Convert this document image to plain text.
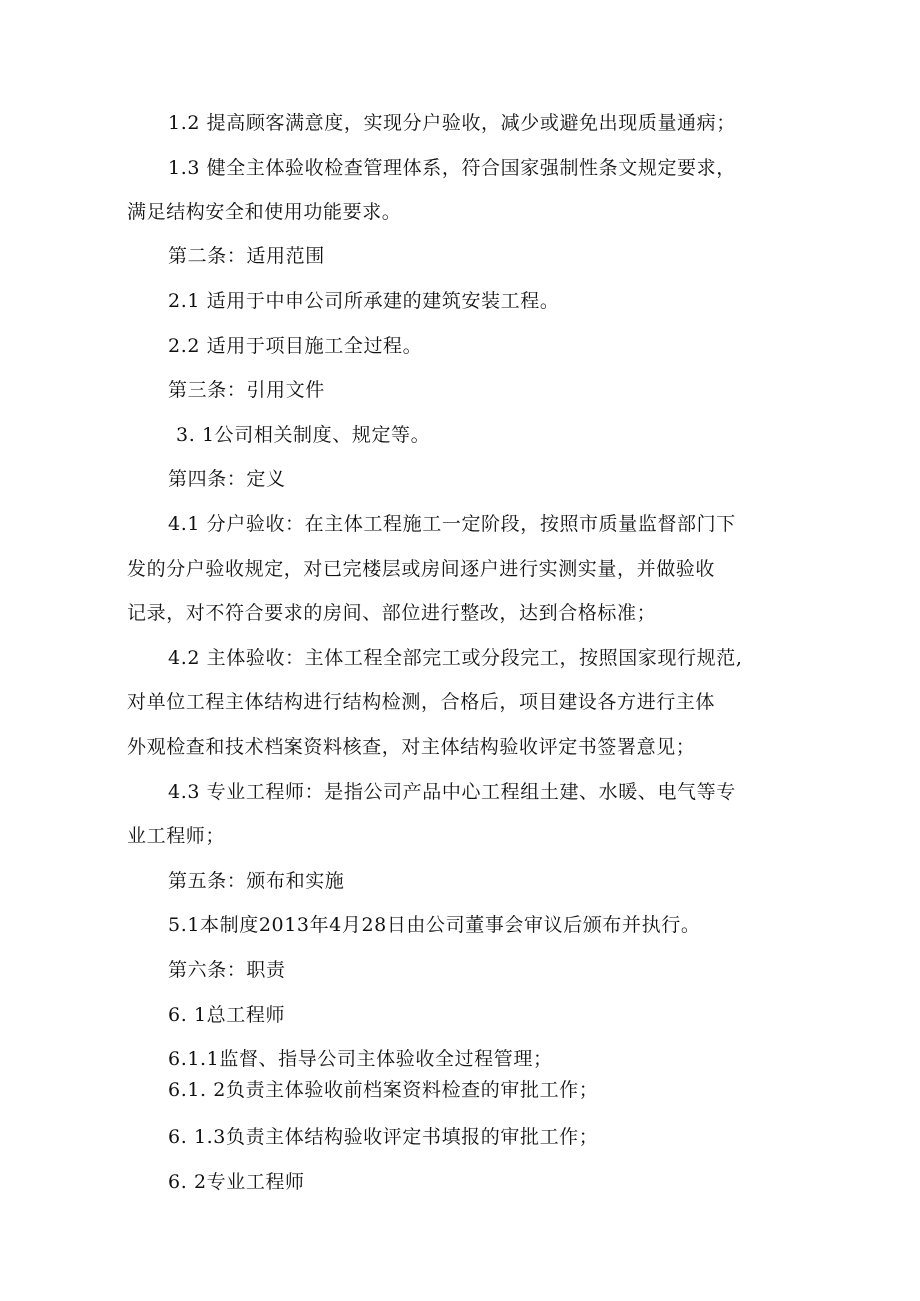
1.2 提高顾客满意度，实现分户验收，减少或避免出现质量通病；
1.3 健全主体验收检查管理体系，符合国家强制性条文规定要求，
满足结构安全和使用功能要求。
第二条：适用范围
2.1 适用于中申公司所承建的建筑安装工程。
2.2 适用于项目施工全过程。
第三条：引用文件
3. 1公司相关制度、规定等。
第四条：定义
4.1 分户验收：在主体工程施工一定阶段，按照市质量监督部门下
发的分户验收规定，对已完楼层或房间逐户进行实测实量，并做验收
记录，对不符合要求的房间、部位进行整改，达到合格标准；
4.2 主体验收：主体工程全部完工或分段完工，按照国家现行规范,
对单位工程主体结构进行结构检测，合格后，项目建设各方进行主体
外观检查和技术档案资料核查，对主体结构验收评定书签署意见；
4.3 专业工程师：是指公司产品中心工程组土建、水暖、电气等专
业工程师；
第五条：颁布和实施
5.1本制度2013年4月28日由公司董事会审议后颁布并执行。
第六条：职责
6. 1总工程师
6.1.1监督、指导公司主体验收全过程管理；
6.1. 2负责主体验收前档案资料检查的审批工作；
6. 1.3负责主体结构验收评定书填报的审批工作；
6. 2专业工程师
